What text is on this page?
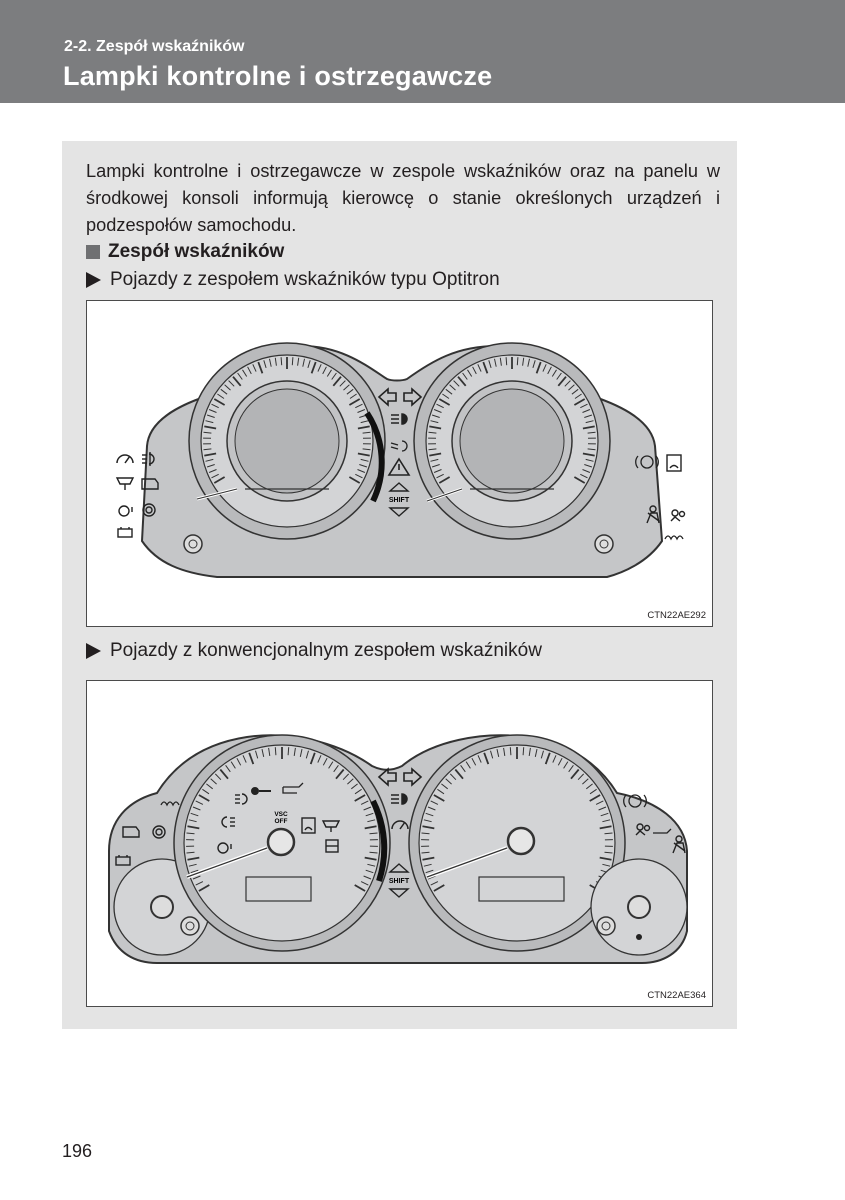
2-2. Zespół wskaźników
Lampki kontrolne i ostrzegawcze
Lampki kontrolne i ostrzegawcze w zespole wskaźników oraz na panelu w środkowej konsoli informują kierowcę o stanie określonych urządzeń i podzespołów samochodu.
Zespół wskaźników
Pojazdy z zespołem wskaźników typu Optitron
SHIFT
CTN22AE292
Pojazdy z konwencjonalnym zespołem wskaźników
SHIFT
VSC
OFF
CTN22AE364
196
